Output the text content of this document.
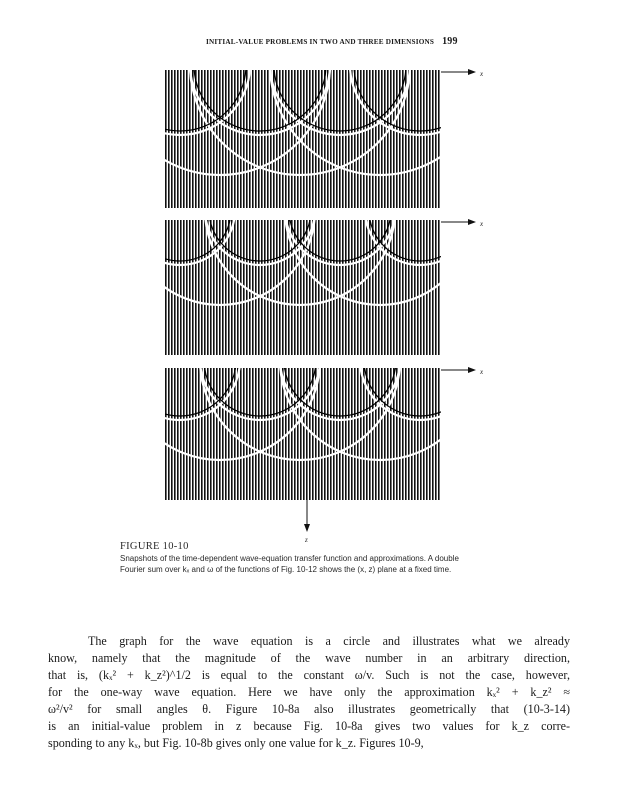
INITIAL-VALUE PROBLEMS IN TWO AND THREE DIMENSIONS 199
x
x
x
z
FIGURE 10-10
Snapshots of the time-dependent wave-equation transfer function and approximations. A double Fourier sum over kₓ and ω of the functions of Fig. 10-12 shows the (x, z) plane at a fixed time.

The graph for the wave equation is a circle and illustrates what we already know, namely that the magnitude of the wave number in an arbitrary direction, that is, (kₓ² + k_z²)^1/2 is equal to the constant ω/v. Such is not the case, however, for the one-way wave equation. Here we have only the approximation kₓ² + k_z² ≈ ω²/v² for small angles θ. Figure 10-8a also illustrates geometrically that (10-3-14) is an initial-value problem in z because Fig. 10-8a gives two values for k_z corre- sponding to any kₓ, but Fig. 10-8b gives only one value for k_z. Figures 10-9,
